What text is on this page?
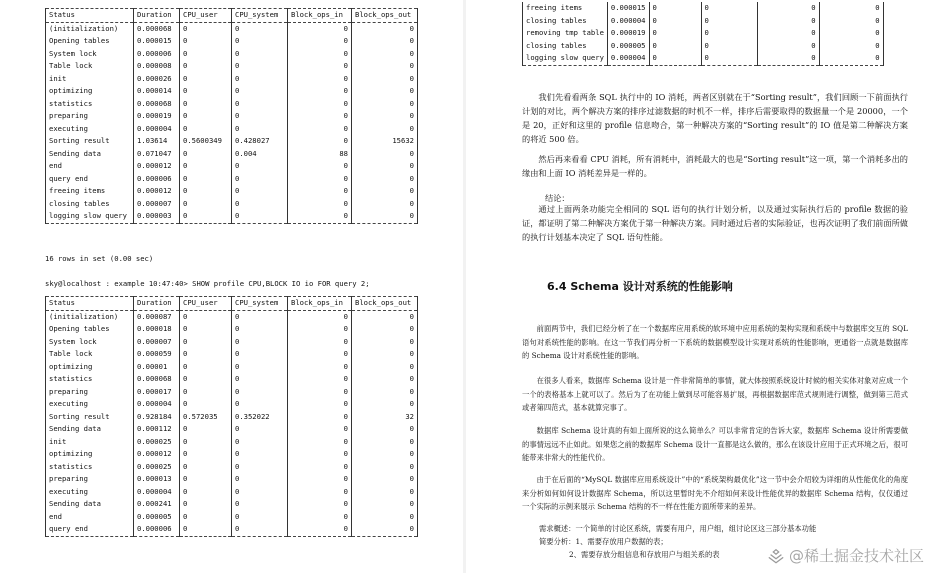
Status	Duration	CPU_user	CPU_system	Block_ops_in	Block_ops_out
(initialization)	0.000068	0	0	0	0
Opening tables	0.000015	0	0	0	0
System lock	0.000006	0	0	0	0
Table lock	0.000008	0	0	0	0
init	0.000026	0	0	0	0
optimizing	0.000014	0	0	0	0
statistics	0.000068	0	0	0	0
preparing	0.000019	0	0	0	0
executing	0.000004	0	0	0	0
Sorting result	1.03614	0.5600349	0.428027	0	15632
Sending data	0.071047	0	0.004	88	0
end	0.000012	0	0	0	0
query end	0.000006	0	0	0	0
freeing items	0.000012	0	0	0	0
closing tables	0.000007	0	0	0	0
logging slow query	0.000003	0	0	0	0
16 rows in set (0.00 sec)
sky@localhost : example 10:47:40> SHOW profile CPU,BLOCK IO io FOR query 2;
Status	Duration	CPU_user	CPU_system	Block_ops_in	Block_ops_out
(initialization)	0.000087	0	0	0	0
Opening tables	0.000018	0	0	0	0
System lock	0.000007	0	0	0	0
Table lock	0.000059	0	0	0	0
optimizing	0.00001	0	0	0	0
statistics	0.000068	0	0	0	0
preparing	0.000017	0	0	0	0
executing	0.000004	0	0	0	0
Sorting result	0.928184	0.572035	0.352022	0	32
Sending data	0.000112	0	0	0	0
init	0.000025	0	0	0	0
optimizing	0.000012	0	0	0	0
statistics	0.000025	0	0	0	0
preparing	0.000013	0	0	0	0
executing	0.000004	0	0	0	0
Sending data	0.000241	0	0	0	0
end	0.000005	0	0	0	0
query end	0.000006	0	0	0	0
freeing items	0.000015	0	0	0	0
closing tables	0.000004	0	0	0	0
removing tmp table	0.000019	0	0	0	0
closing tables	0.000005	0	0	0	0
logging slow query	0.000004	0	0	0	0
我们先看看两条 SQL 执行中的 IO 消耗，两者区别就在于“Sorting result”，我们回顾一下前面执行计划的对比，两个解决方案的排序过滤数据的时机不一样，排序后需要取得的数据量一个是 20000，一个是 20，正好和这里的 profile 信息吻合，第一种解决方案的“Sorting result”的 IO 值是第二种解决方案的将近 500 倍。
然后再来看看 CPU 消耗，所有消耗中，消耗最大的也是“Sorting result”这一项，第一个消耗多出的缘由和上面 IO 消耗差异是一样的。
结论：
通过上面两条功能完全相同的 SQL 语句的执行计划分析，以及通过实际执行后的 profile 数据的验证，都证明了第二种解决方案优于第一种解决方案。同时通过后者的实际验证，也再次证明了我们前面所做的执行计划基本决定了 SQL 语句性能。
6.4 Schema 设计对系统的性能影响
前面两节中，我们已经分析了在一个数据库应用系统的软环境中应用系统的架构实现和系统中与数据库交互的 SQL 语句对系统性能的影响。在这一节我们再分析一下系统的数据模型设计实现对系统的性能影响，更通俗一点就是数据库的 Schema 设计对系统性能的影响。
在很多人看来，数据库 Schema 设计是一件非常简单的事情，就大体按照系统设计时候的相关实体对象对应成一个一个的表格基本上就可以了。然后为了在功能上做到尽可能容易扩展，再根据数据库范式规则进行调整，做到第三范式或者第四范式，基本就算完事了。
数据库 Schema 设计真的有如上面所说的这么简单么？可以非常肯定的告诉大家，数据库 Schema 设计所需要做的事情远远不止如此。如果您之前的数据库 Schema 设计一直都是这么做的，那么在该设计应用于正式环境之后，很可能带来非常大的性能代价。
由于在后面的“MySQL 数据库应用系统设计”中的“系统架构最优化”这一节中会介绍较为详细的从性能优化的角度来分析如何如何设计数据库 Schema，所以这里暂时先不介绍如何来设计性能优异的数据库 Schema 结构，仅仅通过一个实际的示例来展示 Schema 结构的不一样在性能方面所带来的差异。
需求概述：一个简单的讨论区系统，需要有用户，用户组，组讨论区这三部分基本功能
简要分析：1、需要存放用户数据的表；
2、需要存放分组信息和存放用户与组关系的表	@稀土掘金技术社区
